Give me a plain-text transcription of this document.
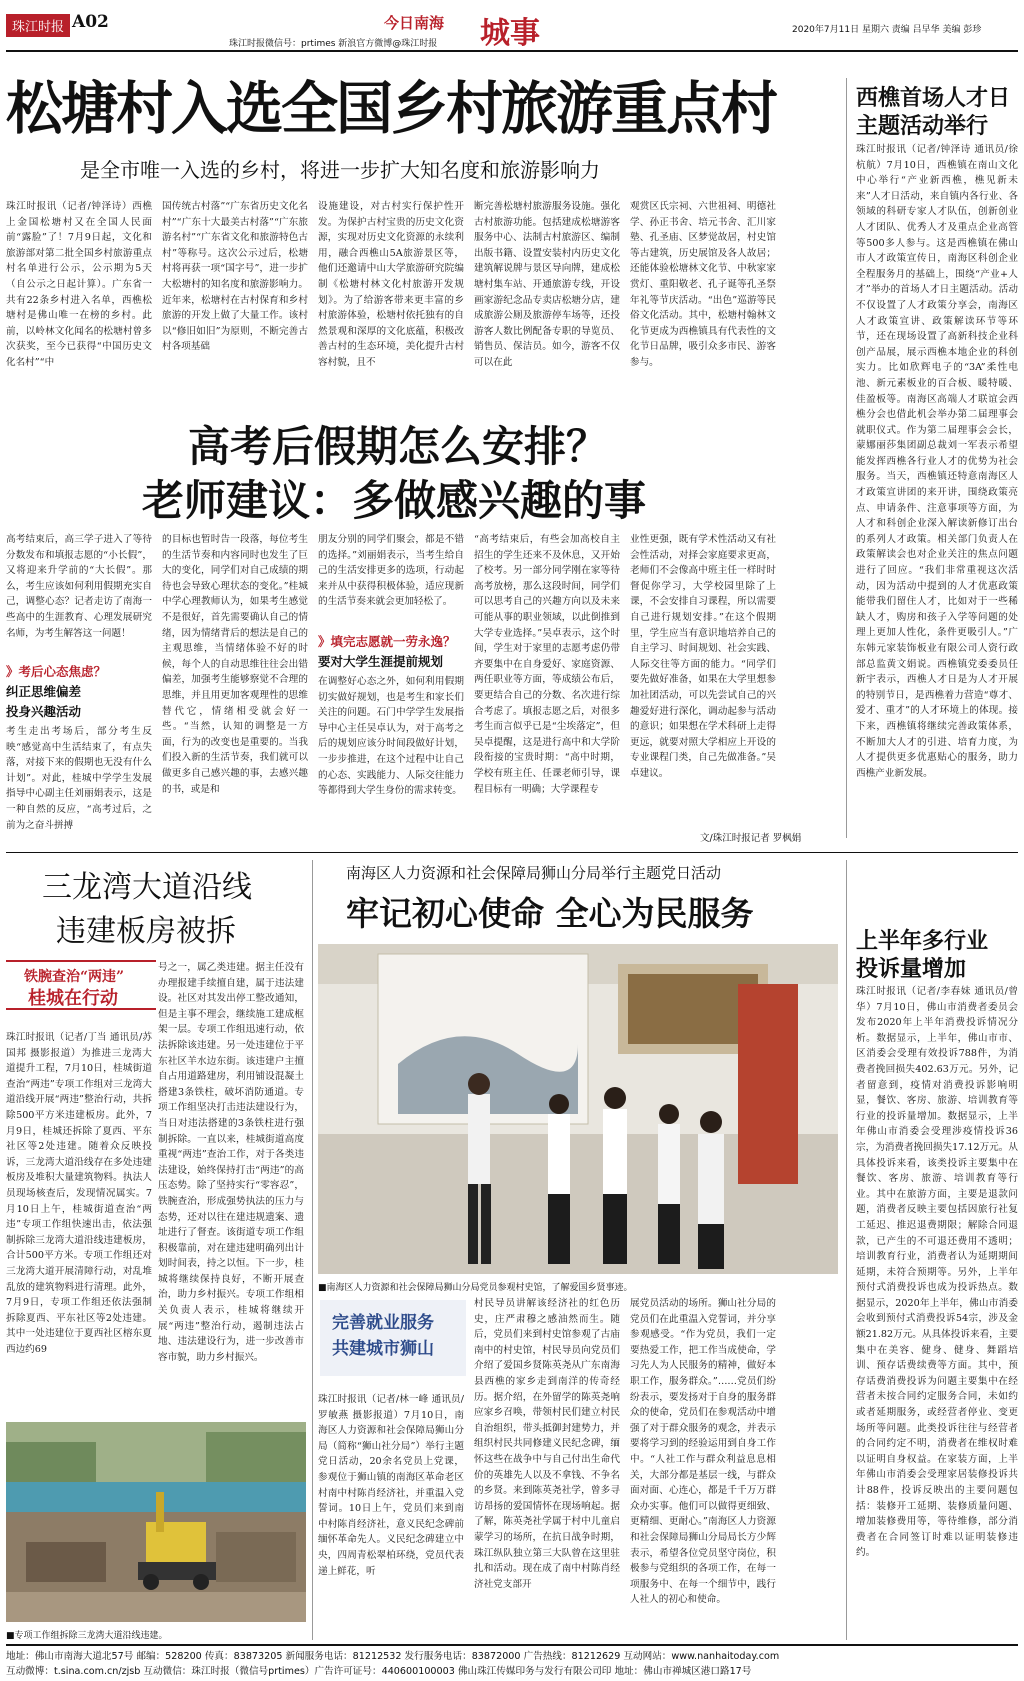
珠江时报 A02	今日南海
珠江时报微信号：prtimes 新浪官方微博@珠江时报 城事	2020年7月11日 星期六 责编 吕早华 美编 彭珍
松塘村入选全国乡村旅游重点村
是全市唯一入选的乡村，将进一步扩大知名度和旅游影响力
珠江时报讯（记者/钟泽诗）西樵上金国松塘村又在全国人民面前“露脸”了！7月9日起，文化和旅游部对第二批全国乡村旅游重点村名单进行公示，公示期为5天（自公示之日起计算）。广东省一共有22条乡村进入名单，西樵松塘村是佛山唯一在榜的乡村。此前，以岭林文化闻名的松塘村曾多次获奖，至今已获得“中国历史文化名村”“中
国传统古村落”“广东省历史文化名村”“广东十大最美古村落”“广东旅游名村”“广东省文化和旅游特色古村”等称号。这次公示过后，松塘村将再获一项“国字号”，进一步扩大松塘村的知名度和旅游影响力。近年来，松塘村在古村保育和乡村旅游的开发上做了大量工作。该村以“修旧如旧”为原则，不断完善古村各项基础
设施建设，对古村实行保护性开发。为保护古村宝贵的历史文化资源，实现对历史文化资源的永续利用，融合西樵山5A旅游景区等，他们还邀请中山大学旅游研究院编制《松塘村林文化村旅游开发规划》。为了给游客带来更丰富的乡村旅游体验，松塘村依托独有的自然景观和深厚的文化底蕴，积极改善古村的生态环境，美化提升古村容村貌，且不
断完善松塘村旅游服务设施。强化古村旅游功能。包括建成松塘游客服务中心、法制古村旅游区、编制出版书籍、设置安装村内历史文化建筑解说牌与景区导向牌，建成松塘村集车站、开通旅游专线，开设画家游纪念品专卖店松塘分店，建成旅游公厕及旅游停车场等，还投游客人数比例配备专职的导览员、销售员、保洁员。如今，游客不仅可以在此
观赏区氏宗祠、六世祖祠、明德社学、孙正书舍、培元书舍、汇川家塾、孔圣庙、区梦觉故居，村史馆等古建筑，历史展馆及各人故居；还能体验松塘林文化节、中秋家家赏灯、重阳敬老、孔子诞等孔圣祭年礼等节庆活动。“出色”巡游等民俗文化活动。其中，松塘村翰林文化节更成为西樵镇具有代表性的文化节日品牌，吸引众多市民、游客参与。
高考后假期怎么安排？
老师建议：多做感兴趣的事
高考结束后，高三学子进入了等待分数发布和填报志愿的“小长假”，又将迎来升学前的“大长假”。那么，考生应该如何利用假期充实自己，调整心态？记者走访了南海一些高中的生涯教育、心理发展研究名师，为考生解答这一问题！
》考后心态焦虑？
纠正思维偏差
投身兴趣活动
考生走出考场后，部分考生反映“感觉高中生活结束了，有点失落，对接下来的假期也无没有什么计划”。对此，桂城中学学生发展指导中心副主任刘丽娟表示，这是一种自然的反应，“高考过后，之前为之奋斗拼搏
的目标也暂时告一段落，每位考生的生活节奏和内容同时也发生了巨大的变化，同学们对自己成绩的期待也会导致心理状态的变化。”桂城中学心理教师认为，如果考生感觉不是很好，首先需要确认自己的情绪，因为情绪背后的想法是自己的主观思维，当情绪体验不好的时候，每个人的自动思维往往会出错偏差，加强考生能够察觉不合理的思维，并且用更加客观理性的思维替代它，情绪相受就会好一些。“当然，认知的调整是一方面，行为的改变也是重要的。当我们投入新的生活节奏，我们就可以做更多自己感兴趣的事，去感兴趣的书，或是和
朋友分别的同学们聚会，都是不错的选择。”刘丽娟表示，当考生给自己的生活安排更多的选项，行动起来并从中获得积极体验，适应现新的生活节奏来就会更加轻松了。
》填完志愿就一劳永逸？
要对大学生涯提前规划
在调整好心态之外，如何利用假期切实做好规划，也是考生和家长们关注的问题。石门中学学生发展指导中心主任吴卓认为，对于高考之后的规划应该分时间段做好计划，一步步推进，在这个过程中让自己的心态、实践能力、人际交往能力等都得到大学生身份的需求转变。
“高考结束后，有些会加高校自主招生的学生还来不及休息，又开始了校考。另一部分同学刚在家等待高考放榜，那么这段时间，同学们可以思考自己的兴趣方向以及未来可能从事的职业领域，以此倒推到大学专业选择。”吴卓表示，这个时间，学生对于家里的志愿考虑仍带齐要集中在自身爱好、家庭资源、两任职业等方面，等成绩公布后，要更结合自己的分数、名次进行综合考虑了。填报志愿之后，对很多考生而言似乎已是“尘埃落定”，但吴卓提醒，这是进行高中和大学阶段衔接的宝贵时期：“高中时期，学校有班主任、任课老师引导，课程目标有一明确；大学课程专
业性更强，既有学术性活动又有社会性活动，对择会家庭要求更高，老师们不会像高中班主任一样时时督促你学习，大学校园里除了上课，不会安排自习课程，所以需要自己进行规划安排。”在这个假期里，学生应当有意识地培养自己的自主学习、时间规划、社会实践、人际交往等方面的能力。“同学们要先做好准备，如果在大学里想参加社团活动，可以先尝试自己的兴趣爱好进行深化，调动起参与活动的意识；如果想在学术科研上走得更远，就要对照大学相应上开设的专业课程门类，自己先做准备。”吴卓建议。
文/珠江时报记者 罗枫娟
西樵首场人才日主题活动举行
珠江时报讯（记者/钟泽诗 通讯员/徐杭航）7月10日，西樵镇在南山文化中心举行“产业新西樵，樵见新未来”人才日活动，来自镇内各行业、各领域的科研专家人才队伍，创新创业人才团队、优秀人才及重点企业高管等500多人参与。这是西樵镇在佛山市人才政策宣传日，南海区科创企业全程服务月的基础上，围绕“产业+人才”举办的首场人才日主题活动。活动不仅设置了人才政策分享会，南海区人才政策宣讲、政策解读环节等环节，还在现场设置了高新科技企业科创产品展，展示西樵本地企业的科创实力。比如欣辉电子的“3A”柔性电池、新元素板业的百合板、暖特暖、佳盈板等。南海区高端人才联谊会西樵分会也借此机会举办第二届理事会就职仪式。作为第二届理事会会长，蒙娜丽莎集团副总裁刘一军表示希望能发挥西樵各行业人才的优势为社会服务。当天，西樵镇还特意南海区人才政策宣讲团的来开讲，围绕政策亮点、申请条件、注意事项等方面，为人才和科创企业深入解读新修订出台的系列人才政策。相关部门负责人在政策解读会也对企业关注的焦点问题进行了回应。“我们非常重视这次活动，因为活动中提到的人才优惠政策能带我们留住人才，比如对于一些稀缺人才，购房和孩子入学等问题的处理上更加人性化，条件更吸引人。”广东韩元家装饰板业有限公司人资行政部总监黄文娟说。西樵镇党委委员任新宇表示，西樵人才日是为人才开展的特别节日，是西樵着力营造“尊才、爱才、重才”的人才环境上的体现。接下来，西樵镇将继续完善政策体系，不断加大人才的引进、培育力度，为人才提供更多优惠贴心的服务，助力西樵产业新发展。
三龙湾大道沿线
违建板房被拆
铁腕查治“两违”
桂城在行动
珠江时报讯（记者/丁当 通讯员/苏国邦 摄影报道）为推进三龙湾大道提升工程，7月10日，桂城街道查治“两违”专项工作组对三龙湾大道沿线开展“两违”整治行动，共拆除500平方米违建板房。此外，7月9日，桂城还拆除了夏西、平东社区等2处违建。随着众反映投诉，三龙湾大道沿线存在多处违建板房及堆积大量建筑物料。执法人员现场核查后，发现情况属实。7月10日上午，桂城街道查治“两违”专项工作组快速出击，依法强制拆除三龙湾大道沿线违建板房，合计500平方米。专项工作组还对三龙湾大道开展清障行动，对乱堆乱放的建筑物料进行清理。此外，7月9日，专项工作组还依法强制拆除夏西、平东社区等2处违建。其中一处违建位于夏西社区榕东夏西边约69
号之一，属乙类违建。据主任没有办理报建手续擅自建，属于违法建设。社区对其发出停工整改通知，但是主事不理会，继续施工建成框架一层。专项工作组迅速行动，依法拆除该违建。另一处违建位于平东社区羊水边东街。该违建户主擅自占用道路建房，利用铺设混凝土搭建3条铁柱，破坏消防通道。专项工作组坚决打击违法建设行为，当日对违法搭建的3条铁柱进行强制拆除。一直以来，桂城街道高度重视“两违”查治工作，对于各类违法建设，始终保持打击“两违”的高压态势。除了坚持实行“零容忍”，铁腕查治，形成强势执法的压力与态势，还对以往在建违规遗案、遗址进行了督查。该街道专项工作组积极靠前，对在建违建明确列出计划时间表，持之以恒。下一步，桂城将继续保持良好，不断开展查治，助力乡村振兴。专项工作组相关负责人表示，桂城将继续开展“两违”整治行动，遏制违法占地、违法建设行为，进一步改善市容市貌，助力乡村振兴。
■专项工作组拆除三龙湾大道沿线违建。
南海区人力资源和社会保障局狮山分局举行主题党日活动
牢记初心使命 全心为民服务
■南海区人力资源和社会保障局狮山分局党员参观村史馆，了解爱国乡贤事迹。
完善就业服务
共建城市狮山
珠江时报讯（记者/林一峰 通讯员/罗敏燕 摄影报道）7月10日，南海区人力资源和社会保障局狮山分局（简称“狮山社分局”）举行主题党日活动，20余名党员上党课，参观位于狮山镇的南海区革命老区村南中村陈肖经济社，并重温入党誓词。10日上午，党员们来到南中村陈肖经济社，意义民纪念碑前缅怀革命先人。义民纪念碑建立中央，四周青松翠柏环绕，党员代表递上鲜花，听
村民导员讲解该经济社的红色历史，庄严肃穆之感油然而生。随后，党员们来到村史馆参观了古庙南中的村史馆，村民导员向党员们介绍了爱国乡贤陈英尧从广东南海县西樵的家乡走到南洋的传奇经历。据介绍，在外留学的陈英尧响应家乡召唤，带领村民们建立村民自治组织，带头抵御封建势力，并组织村民共同修建义民纪念碑，缅怀这些在战争中与自己付出生命代价的英雄先人以及不拿钱、不争名的乡贤。来到陈英尧社学，曾多寻访昂扬的爱国情怀在现场响起。据了解，陈英尧社学属于村中儿童启蒙学习的场所，在抗日战争时期，珠江纵队独立第三大队曾在这里驻扎和活动。现在成了南中村陈肖经济社党支部开
展党员活动的场所。狮山社分局的党员们在此重温入党誓词，并分享参观感受。“作为党员，我们一定要热爱工作，把工作当成使命，学习先人为人民服务的精神，做好本职工作，服务群众。”……党员们纷纷表示，要发扬对于自身的服务群众的使命，党员们在参观活动中增强了对于群众服务的观念，并表示要将学习到的经验运用到自身工作中。“人社工作与群众利益息息相关，大部分都是基层一线，与群众面对面、心连心，都是千千万万群众办实事。他们可以做得更细致、更精细、更耐心。”南海区人力资源和社会保障局狮山分局局长方少辉表示，希望各位党员坚守岗位，积极参与党组织的各项工作，在每一项服务中、在每一个细节中，践行人社人的初心和使命。
上半年多行业
投诉量增加
珠江时报讯（记者/李春妹 通讯员/曾华）7月10日，佛山市消费者委员会发布2020年上半年消费投诉情况分析。数据显示，上半年，佛山市市、区消委会受理有效投诉788件，为消费者挽回损失402.63万元。另外，记者留意到，疫情对消费投诉影响明显，餐饮、客房、旅游、培训教育等行业的投诉量增加。数据显示，上半年佛山市消委会受理涉疫情投诉36宗，为消费者挽回损失17.12万元。从具体投诉来看，该类投诉主要集中在餐饮、客房、旅游、培训教育等行业。其中在旅游方面，主要是退款问题，消费者反映主要包括因旅行社复工延迟、推迟退费期限；解除合同退款，已产生的不可退还费用不透明；培训教育行业，消费者认为延期期间延期，未符合预期等。另外，上半年预付式消费投诉也成为投诉热点。数据显示，2020年上半年，佛山市消委会收到预付式消费投诉54宗，涉及金额21.82万元。从具体投诉来看，主要集中在美容、健身、健身、舞蹈培训、预存话费续费等方面。其中，预存话费消费投诉为问题主要集中在经营者未按合同约定服务合同，未如约或者延期服务，或经营者停业、变更场所等问题。此类投诉往往与经营者的合同约定不明，消费者在维权时难以证明自身权益。在家装方面，上半年佛山市消委会受理家居装修投诉共计88件，投诉反映出的主要问题包括：装修开工延期、装修质量问题、增加装修费用等，等待维修，部分消费者在合同签订时难以证明装修违约。
地址：佛山市南海大道北57号 邮编：528200 传真：83873205 新闻服务电话：81212532 发行服务电话：83872000 广告热线：81212629 互动网站：www.nanhaitoday.com
互动微博：t.sina.com.cn/zjsb 互动微信：珠江时报（微信号prtimes）广告许可证号：440600100003 佛山珠江传媒印务与发行有限公司印 地址：佛山市禅城区港口路17号
